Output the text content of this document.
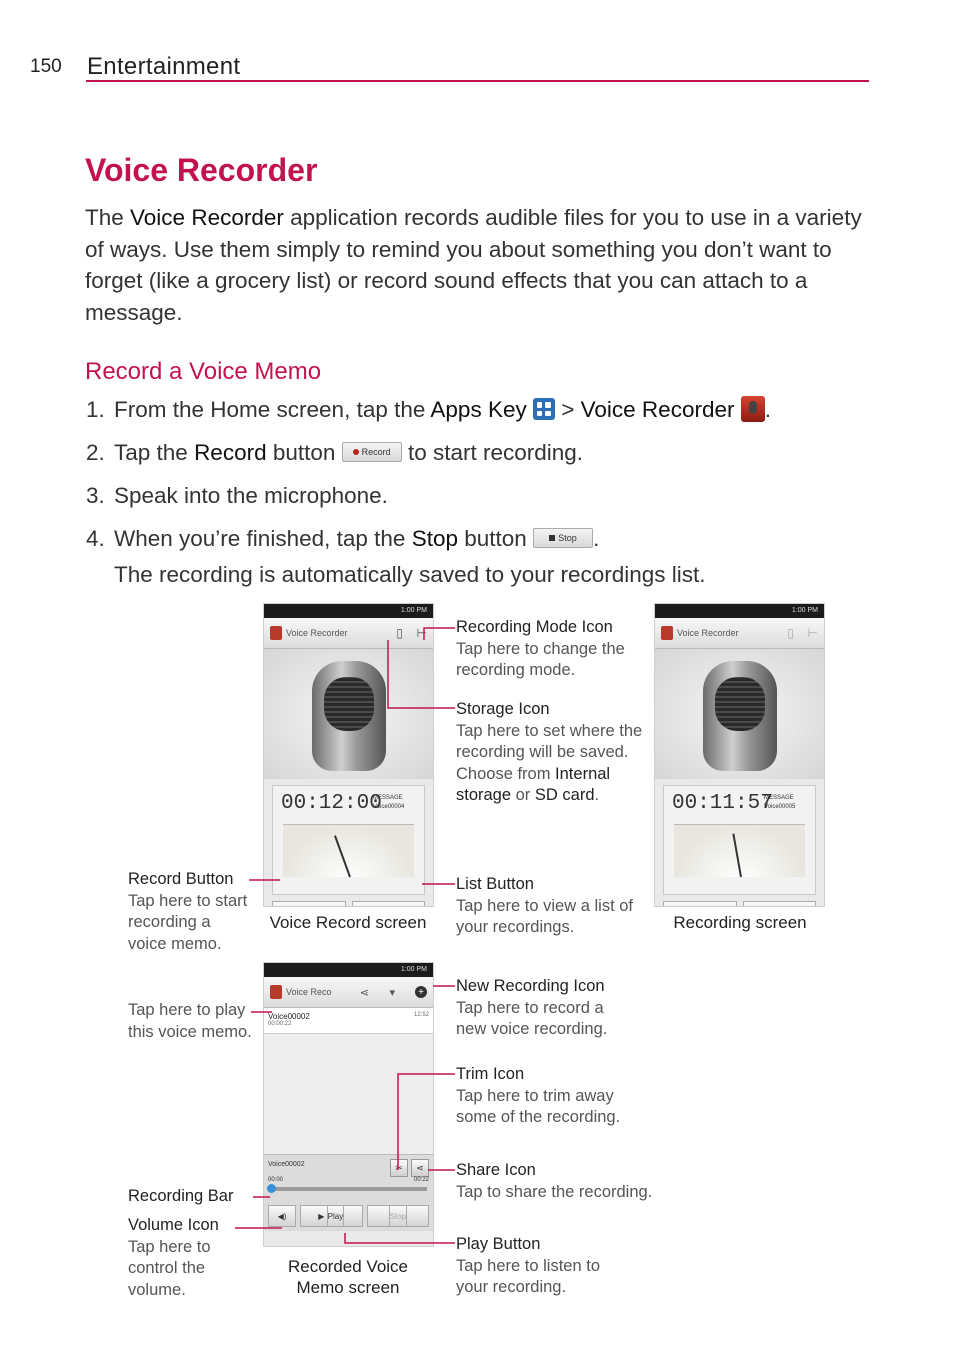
150 Entertainment
Voice Recorder
The Voice Recorder application records audible files for you to use in a variety of ways. Use them simply to remind you about something you don’t want to forget (like a grocery list) or record sound effects that you can attach to a message.
Record a Voice Memo
1. From the Home screen, tap the Apps Key
> Voice Recorder .
2. Tap the Record button	Record to start recording.
3. Speak into the microphone.
4. When you’re finished, tap the Stop button	Stop .
The recording is automatically saved to your recordings list.
1:00 PM
Voice Recorder	▯ ⊢
00:12:00
MESSAGE
Voice00004
Voice Record screen
1:00 PM
Voice Recorder	▯ ⊢
00:11:57
MESSAGE
Voice00005
Recording screen
1:00 PM
Voice Reco	⋖ ▾	+
Voice00002
00:00:22
12:52
Voice00002	✂	⋖
00:00	00:22
◀)	▶ Play	Stop
Recorded Voice
Memo screen
Recording Mode Icon
Tap here to change the recording mode.
Storage Icon
Tap here to set where the recording will be saved. Choose from Internal storage or SD card.
List Button
Tap here to view a list of your recordings.
Record Button
Tap here to start recording a voice memo.
Tap here to play this voice memo.
Recording Bar
Volume Icon
Tap here to control the volume.
New Recording Icon
Tap here to record a new voice recording.
Trim Icon
Tap here to trim away some of the recording.
Share Icon
Tap to share the recording.
Play Button
Tap here to listen to your recording.
